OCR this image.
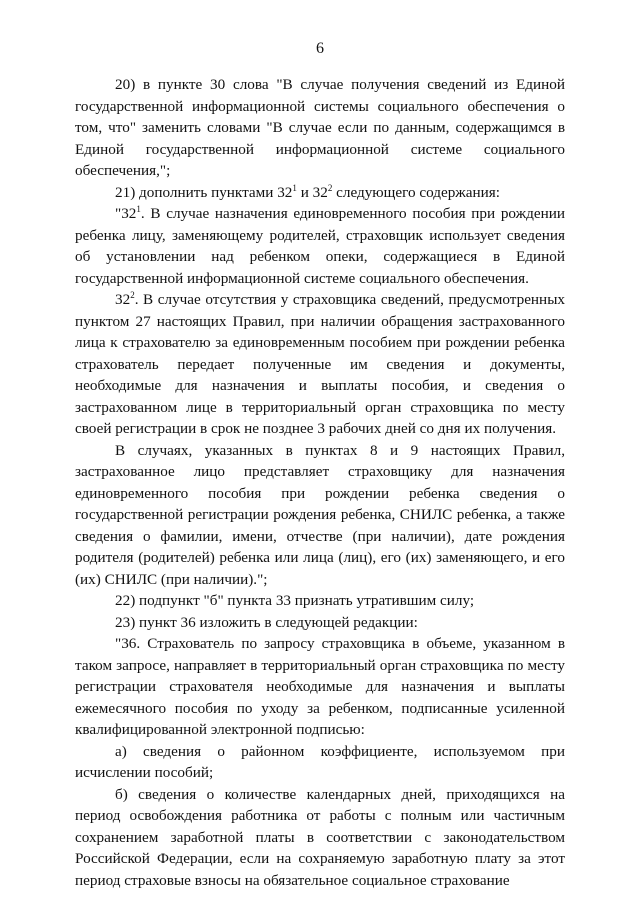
6

20) в пункте 30 слова "В случае получения сведений из Единой государственной информационной системы социального обеспечения о том, что" заменить словами "В случае если по данным, содержащимся в Единой государственной информационной системе социального обеспечения,";

21) дополнить пунктами $32^1$ и $32^2$ следующего содержания:

"$32^1$. В случае назначения единовременного пособия при рождении ребенка лицу, заменяющему родителей, страховщик использует сведения об установлении над ребенком опеки, содержащиеся в Единой государственной информационной системе социального обеспечения.

$32^2$. В случае отсутствия у страховщика сведений, предусмотренных пунктом 27 настоящих Правил, при наличии обращения застрахованного лица к страхователю за единовременным пособием при рождении ребенка страхователь передает полученные им сведения и документы, необходимые для назначения и выплаты пособия, и сведения о застрахованном лице в территориальный орган страховщика по месту своей регистрации в срок не позднее 3 рабочих дней со дня их получения.

В случаях, указанных в пунктах 8 и 9 настоящих Правил, застрахованное лицо представляет страховщику для назначения единовременного пособия при рождении ребенка сведения о государственной регистрации рождения ребенка, СНИЛС ребенка, а также сведения о фамилии, имени, отчестве (при наличии), дате рождения родителя (родителей) ребенка или лица (лиц), его (их) заменяющего, и его (их) СНИЛС (при наличии).";

22) подпункт "б" пункта 33 признать утратившим силу;

23) пункт 36 изложить в следующей редакции:

"36. Страхователь по запросу страховщика в объеме, указанном в таком запросе, направляет в территориальный орган страховщика по месту регистрации страхователя необходимые для назначения и выплаты ежемесячного пособия по уходу за ребенком, подписанные усиленной квалифицированной электронной подписью:

а) сведения о районном коэффициенте, используемом при исчислении пособий;

б) сведения о количестве календарных дней, приходящихся на период освобождения работника от работы с полным или частичным сохранением заработной платы в соответствии с законодательством Российской Федерации, если на сохраняемую заработную плату за этот период страховые взносы на обязательное социальное страхование
